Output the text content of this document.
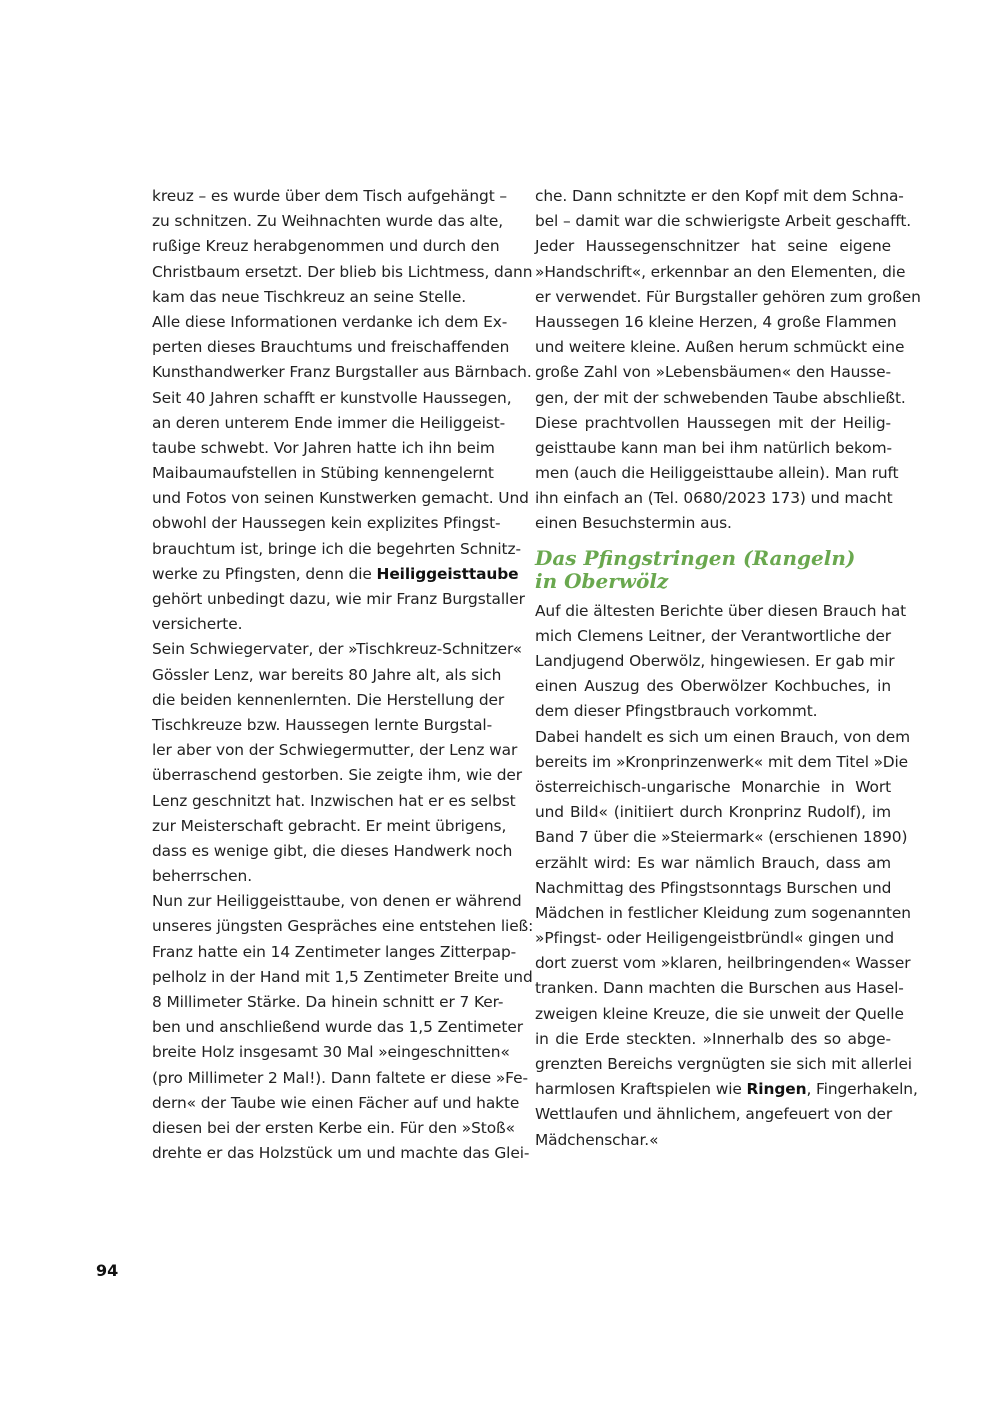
kreuz – es wurde über dem Tisch aufgehängt –
zu schnitzen. Zu Weihnachten wurde das alte,
rußige Kreuz herabgenommen und durch den
Christbaum ersetzt. Der blieb bis Lichtmess, dann
kam das neue Tischkreuz an seine Stelle.
Alle diese Informationen verdanke ich dem Ex-
perten dieses Brauchtums und freischaffenden
Kunsthandwerker Franz Burgstaller aus Bärnbach.
Seit 40 Jahren schafft er kunstvolle Haussegen,
an deren unterem Ende immer die Heiliggeist-
taube schwebt. Vor Jahren hatte ich ihn beim
Maibaumaufstellen in Stübing kennengelernt
und Fotos von seinen Kunstwerken gemacht. Und
obwohl der Haussegen kein explizites Pfingst-
brauchtum ist, bringe ich die begehrten Schnitz-
werke zu Pfingsten, denn die Heiliggeisttaube
gehört unbedingt dazu, wie mir Franz Burgstaller
versicherte.
Sein Schwiegervater, der »Tischkreuz-Schnitzer«
Gössler Lenz, war bereits 80 Jahre alt, als sich
die beiden kennenlernten. Die Herstellung der
Tischkreuze bzw. Haussegen lernte Burgstal-
ler aber von der Schwiegermutter, der Lenz war
überraschend gestorben. Sie zeigte ihm, wie der
Lenz geschnitzt hat. Inzwischen hat er es selbst
zur Meisterschaft gebracht. Er meint übrigens,
dass es wenige gibt, die dieses Handwerk noch
beherrschen.
Nun zur Heiliggeisttaube, von denen er während
unseres jüngsten Gespräches eine entstehen ließ:
Franz hatte ein 14 Zentimeter langes Zitterpap-
pelholz in der Hand mit 1,5 Zentimeter Breite und
8 Millimeter Stärke. Da hinein schnitt er 7 Ker-
ben und anschließend wurde das 1,5 Zentimeter
breite Holz insgesamt 30 Mal »eingeschnitten«
(pro Millimeter 2 Mal!). Dann faltete er diese »Fe-
dern« der Taube wie einen Fächer auf und hakte
diesen bei der ersten Kerbe ein. Für den »Stoß«
drehte er das Holzstück um und machte das Glei-
che. Dann schnitzte er den Kopf mit dem Schna-
bel – damit war die schwierigste Arbeit geschafft.
Jeder Haussegenschnitzer hat seine eigene
»Handschrift«, erkennbar an den Elementen, die
er verwendet. Für Burgstaller gehören zum großen
Haussegen 16 kleine Herzen, 4 große Flammen
und weitere kleine. Außen herum schmückt eine
große Zahl von »Lebensbäumen« den Hausse-
gen, der mit der schwebenden Taube abschließt.
Diese prachtvollen Haussegen mit der Heilig-
geisttaube kann man bei ihm natürlich bekom-
men (auch die Heiliggeisttaube allein). Man ruft
ihn einfach an (Tel. 0680/2023 173) und macht
einen Besuchstermin aus.
Das Pfingstringen (Rangeln)
in Oberwölz
Auf die ältesten Berichte über diesen Brauch hat
mich Clemens Leitner, der Verantwortliche der
Landjugend Oberwölz, hingewiesen. Er gab mir
einen Auszug des Oberwölzer Kochbuches, in
dem dieser Pfingstbrauch vorkommt.
Dabei handelt es sich um einen Brauch, von dem
bereits im »Kronprinzenwerk« mit dem Titel »Die
österreichisch-ungarische Monarchie in Wort
und Bild« (initiiert durch Kronprinz Rudolf), im
Band 7 über die »Steiermark« (erschienen 1890)
erzählt wird: Es war nämlich Brauch, dass am
Nachmittag des Pfingstsonntags Burschen und
Mädchen in festlicher Kleidung zum sogenannten
»Pfingst- oder Heiligengeistbründl« gingen und
dort zuerst vom »klaren, heilbringenden« Wasser
tranken. Dann machten die Burschen aus Hasel-
zweigen kleine Kreuze, die sie unweit der Quelle
in die Erde steckten. »Innerhalb des so abge-
grenzten Bereichs vergnügten sie sich mit allerlei
harmlosen Kraftspielen wie Ringen, Fingerhakeln,
Wettlaufen und ähnlichem, angefeuert von der
Mädchenschar.«
94
